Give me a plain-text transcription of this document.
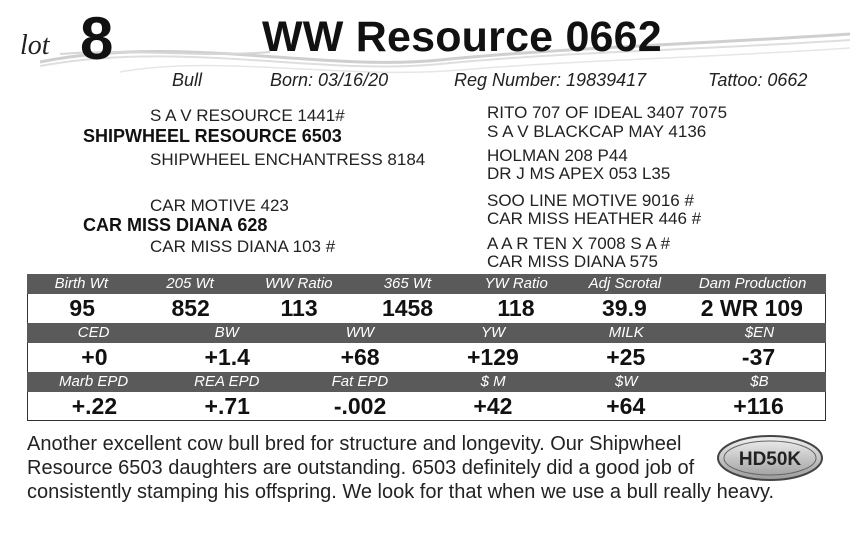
lot 8	WW Resource 0662
Bull	Born: 03/16/20	Reg Number: 19839417	Tattoo: 0662
S A V RESOURCE 1441#
SHIPWHEEL RESOURCE 6503
SHIPWHEEL ENCHANTRESS 8184
RITO 707 OF IDEAL 3407 7075
S A V BLACKCAP MAY 4136
HOLMAN 208 P44
DR J MS APEX 053 L35
CAR MOTIVE 423
CAR MISS DIANA 628
CAR MISS DIANA 103 #
SOO LINE MOTIVE 9016 #
CAR MISS HEATHER 446 #
A A R TEN X 7008 S A #
CAR MISS DIANA 575
Birth Wt	205 Wt	WW Ratio	365 Wt	YW Ratio	Adj Scrotal	Dam Production
95	852	113	1458	118	39.9	2 WR 109
CED	BW	WW	YW	MILK	$EN
+0	+1.4	+68	+129	+25	-37
Marb EPD	REA EPD	Fat EPD	$ M	$W	$B
+.22	+.71	-.002	+42	+64	+116
Another excellent cow bull bred for structure and longevity. Our Shipwheel Resource 6503 daughters are outstanding. 6503 definitely did a good job of consistently stamping his offspring. We look for that when we use a bull really heavy.
HD50K
